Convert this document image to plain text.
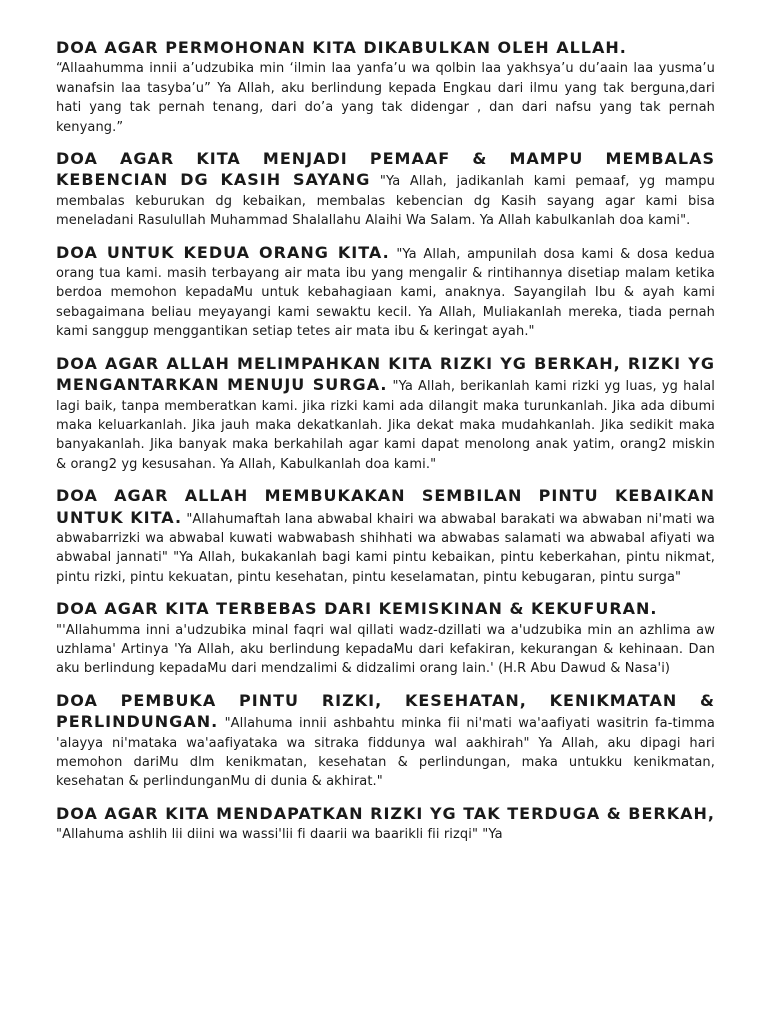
DOA AGAR PERMOHONAN KITA DIKABULKAN OLEH ALLAH.
“Allaahumma innii a’udzubika min ‘ilmin laa yanfa’u wa qolbin laa yakhsya’u du’aain laa yusma’u wanafsin laa tasyba’u” Ya Allah, aku berlindung kepada Engkau dari ilmu yang tak berguna,dari hati yang tak pernah tenang, dari do’a yang tak didengar , dan dari nafsu yang tak pernah kenyang.”

DOA AGAR KITA MENJADI PEMAAF & MAMPU MEMBALAS KEBENCIAN DG KASIH SAYANG "Ya Allah, jadikanlah kami pemaaf, yg mampu membalas keburukan dg kebaikan, membalas kebencian dg Kasih sayang agar kami bisa meneladani Rasulullah Muhammad Shalallahu Alaihi Wa Salam. Ya Allah kabulkanlah doa kami".

DOA UNTUK KEDUA ORANG KITA. "Ya Allah, ampunilah dosa kami & dosa kedua orang tua kami. masih terbayang air mata ibu yang mengalir & rintihannya disetiap malam ketika berdoa memohon kepadaMu untuk kebahagiaan kami, anaknya. Sayangilah Ibu & ayah kami sebagaimana beliau meyayangi kami sewaktu kecil. Ya Allah, Muliakanlah mereka, tiada pernah kami sanggup menggantikan setiap tetes air mata ibu & keringat ayah."

DOA AGAR ALLAH MELIMPAHKAN KITA RIZKI YG BERKAH, RIZKI YG MENGANTARKAN MENUJU SURGA. "Ya Allah, berikanlah kami rizki yg luas, yg halal lagi baik, tanpa memberatkan kami. jika rizki kami ada dilangit maka turunkanlah. Jika ada dibumi maka keluarkanlah. Jika jauh maka dekatkanlah. Jika dekat maka mudahkanlah. Jika sedikit maka banyakanlah. Jika banyak maka berkahilah agar kami dapat menolong anak yatim, orang2 miskin & orang2 yg kesusahan. Ya Allah, Kabulkanlah doa kami."

DOA AGAR ALLAH MEMBUKAKAN SEMBILAN PINTU KEBAIKAN UNTUK KITA. "Allahumaftah lana abwabal khairi wa abwabal barakati wa abwaban ni'mati wa abwabarrizki wa abwabal kuwati wabwabash shihhati wa abwabas salamati wa abwabal afiyati wa abwabal jannati" "Ya Allah, bukakanlah bagi kami pintu kebaikan, pintu keberkahan, pintu nikmat, pintu rizki, pintu kekuatan, pintu kesehatan, pintu keselamatan, pintu kebugaran, pintu surga"

DOA AGAR KITA TERBEBAS DARI KEMISKINAN & KEKUFURAN.
"'Allahumma inni a'udzubika minal faqri wal qillati wadz-dzillati wa a'udzubika min an azhlima aw uzhlama' Artinya 'Ya Allah, aku berlindung kepadaMu dari kefakiran, kekurangan & kehinaan. Dan aku berlindung kepadaMu dari mendzalimi & didzalimi orang lain.' (H.R Abu Dawud & Nasa'i)

DOA PEMBUKA PINTU RIZKI, KESEHATAN, KENIKMATAN & PERLINDUNGAN. "Allahuma innii ashbahtu minka fii ni'mati wa'aafiyati wasitrin fa-timma 'alayya ni'mataka wa'aafiyataka wa sitraka fiddunya wal aakhirah" Ya Allah, aku dipagi hari memohon dariMu dlm kenikmatan, kesehatan & perlindungan, maka untukku kenikmatan, kesehatan & perlindunganMu di dunia & akhirat."

DOA AGAR KITA MENDAPATKAN RIZKI YG TAK TERDUGA & BERKAH, "Allahuma ashlih lii diini wa wassi'lii fi daarii wa baarikli fii rizqi" "Ya
